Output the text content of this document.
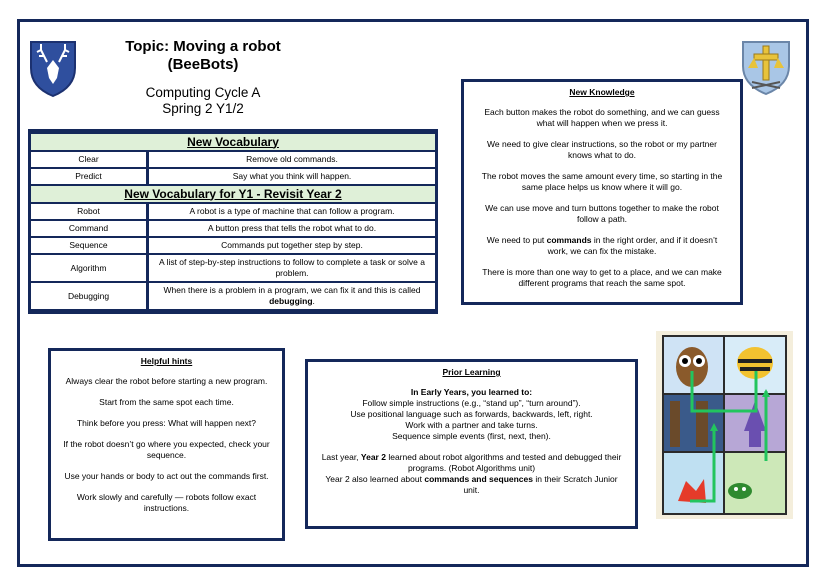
Topic: Moving a robot
(BeeBots)
Computing Cycle A
Spring 2 Y1/2
New Vocabulary	
Clear	Remove old commands.
Predict	Say what you think will happen.
New Vocabulary for Y1 - Revisit Year 2	
Robot	A robot is a type of machine that can follow a program.
Command	A button press that tells the robot what to do.
Sequence	Commands put together step by step.
Algorithm	A list of step-by-step instructions to follow to complete a task or solve a problem.
Debugging	When there is a problem in a program, we can fix it and this is called debugging.
New Knowledge

Each button makes the robot do something, and we can guess what will happen when we press it.

We need to give clear instructions, so the robot or my partner knows what to do.

The robot moves the same amount every time, so starting in the same place helps us know where it will go.

We can use move and turn buttons together to make the robot follow a path.

We need to put commands in the right order, and if it doesn’t work, we can fix the mistake.

There is more than one way to get to a place, and we can make different programs that reach the same spot.

Helpful hints

Always clear the robot before starting a new program.

Start from the same spot each time.

Think before you press: What will happen next?

If the robot doesn’t go where you expected, check your sequence.

Use your hands or body to act out the commands first.

Work slowly and carefully — robots follow exact instructions.

Prior Learning

In Early Years, you learned to:

Follow simple instructions (e.g., “stand up”, “turn around”).

Use positional language such as forwards, backwards, left, right.

Work with a partner and take turns.

Sequence simple events (first, next, then).

Last year, Year 2 learned about robot algorithms and tested and debugged their programs. (Robot Algorithms unit)

Year 2 also learned about commands and sequences in their Scratch Junior unit.
